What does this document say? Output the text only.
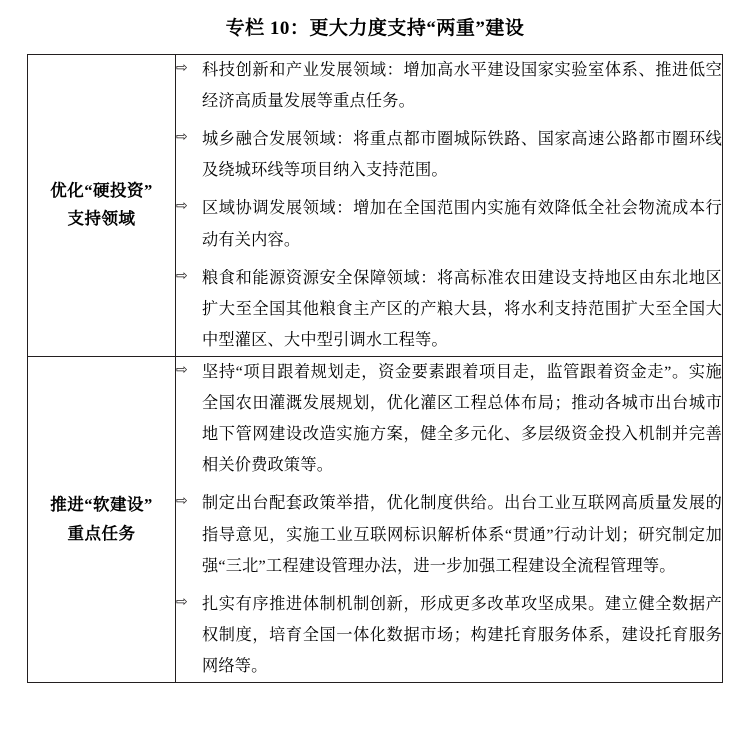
专栏 10：更大力度支持“两重”建设
优化“硬投资”
支持领域

⇨ 科技创新和产业发展领域：增加高水平建设国家实验室体系、推进低空经济高质量发展等重点任务。
⇨ 城乡融合发展领域：将重点都市圈城际铁路、国家高速公路都市圈环线及绕城环线等项目纳入支持范围。
⇨ 区域协调发展领域：增加在全国范围内实施有效降低全社会物流成本行动有关内容。
⇨ 粮食和能源资源安全保障领域：将高标准农田建设支持地区由东北地区扩大至全国其他粮食主产区的产粮大县，将水利支持范围扩大至全国大中型灌区、大中型引调水工程等。

推进“软建设”
重点任务

⇨ 坚持“项目跟着规划走，资金要素跟着项目走，监管跟着资金走”。实施全国农田灌溉发展规划，优化灌区工程总体布局；推动各城市出台城市地下管网建设改造实施方案，健全多元化、多层级资金投入机制并完善相关价费政策等。
⇨ 制定出台配套政策举措，优化制度供给。出台工业互联网高质量发展的指导意见，实施工业互联网标识解析体系“贯通”行动计划；研究制定加强“三北”工程建设管理办法，进一步加强工程建设全流程管理等。
⇨ 扎实有序推进体制机制创新，形成更多改革攻坚成果。建立健全数据产权制度，培育全国一体化数据市场；构建托育服务体系，建设托育服务网络等。
